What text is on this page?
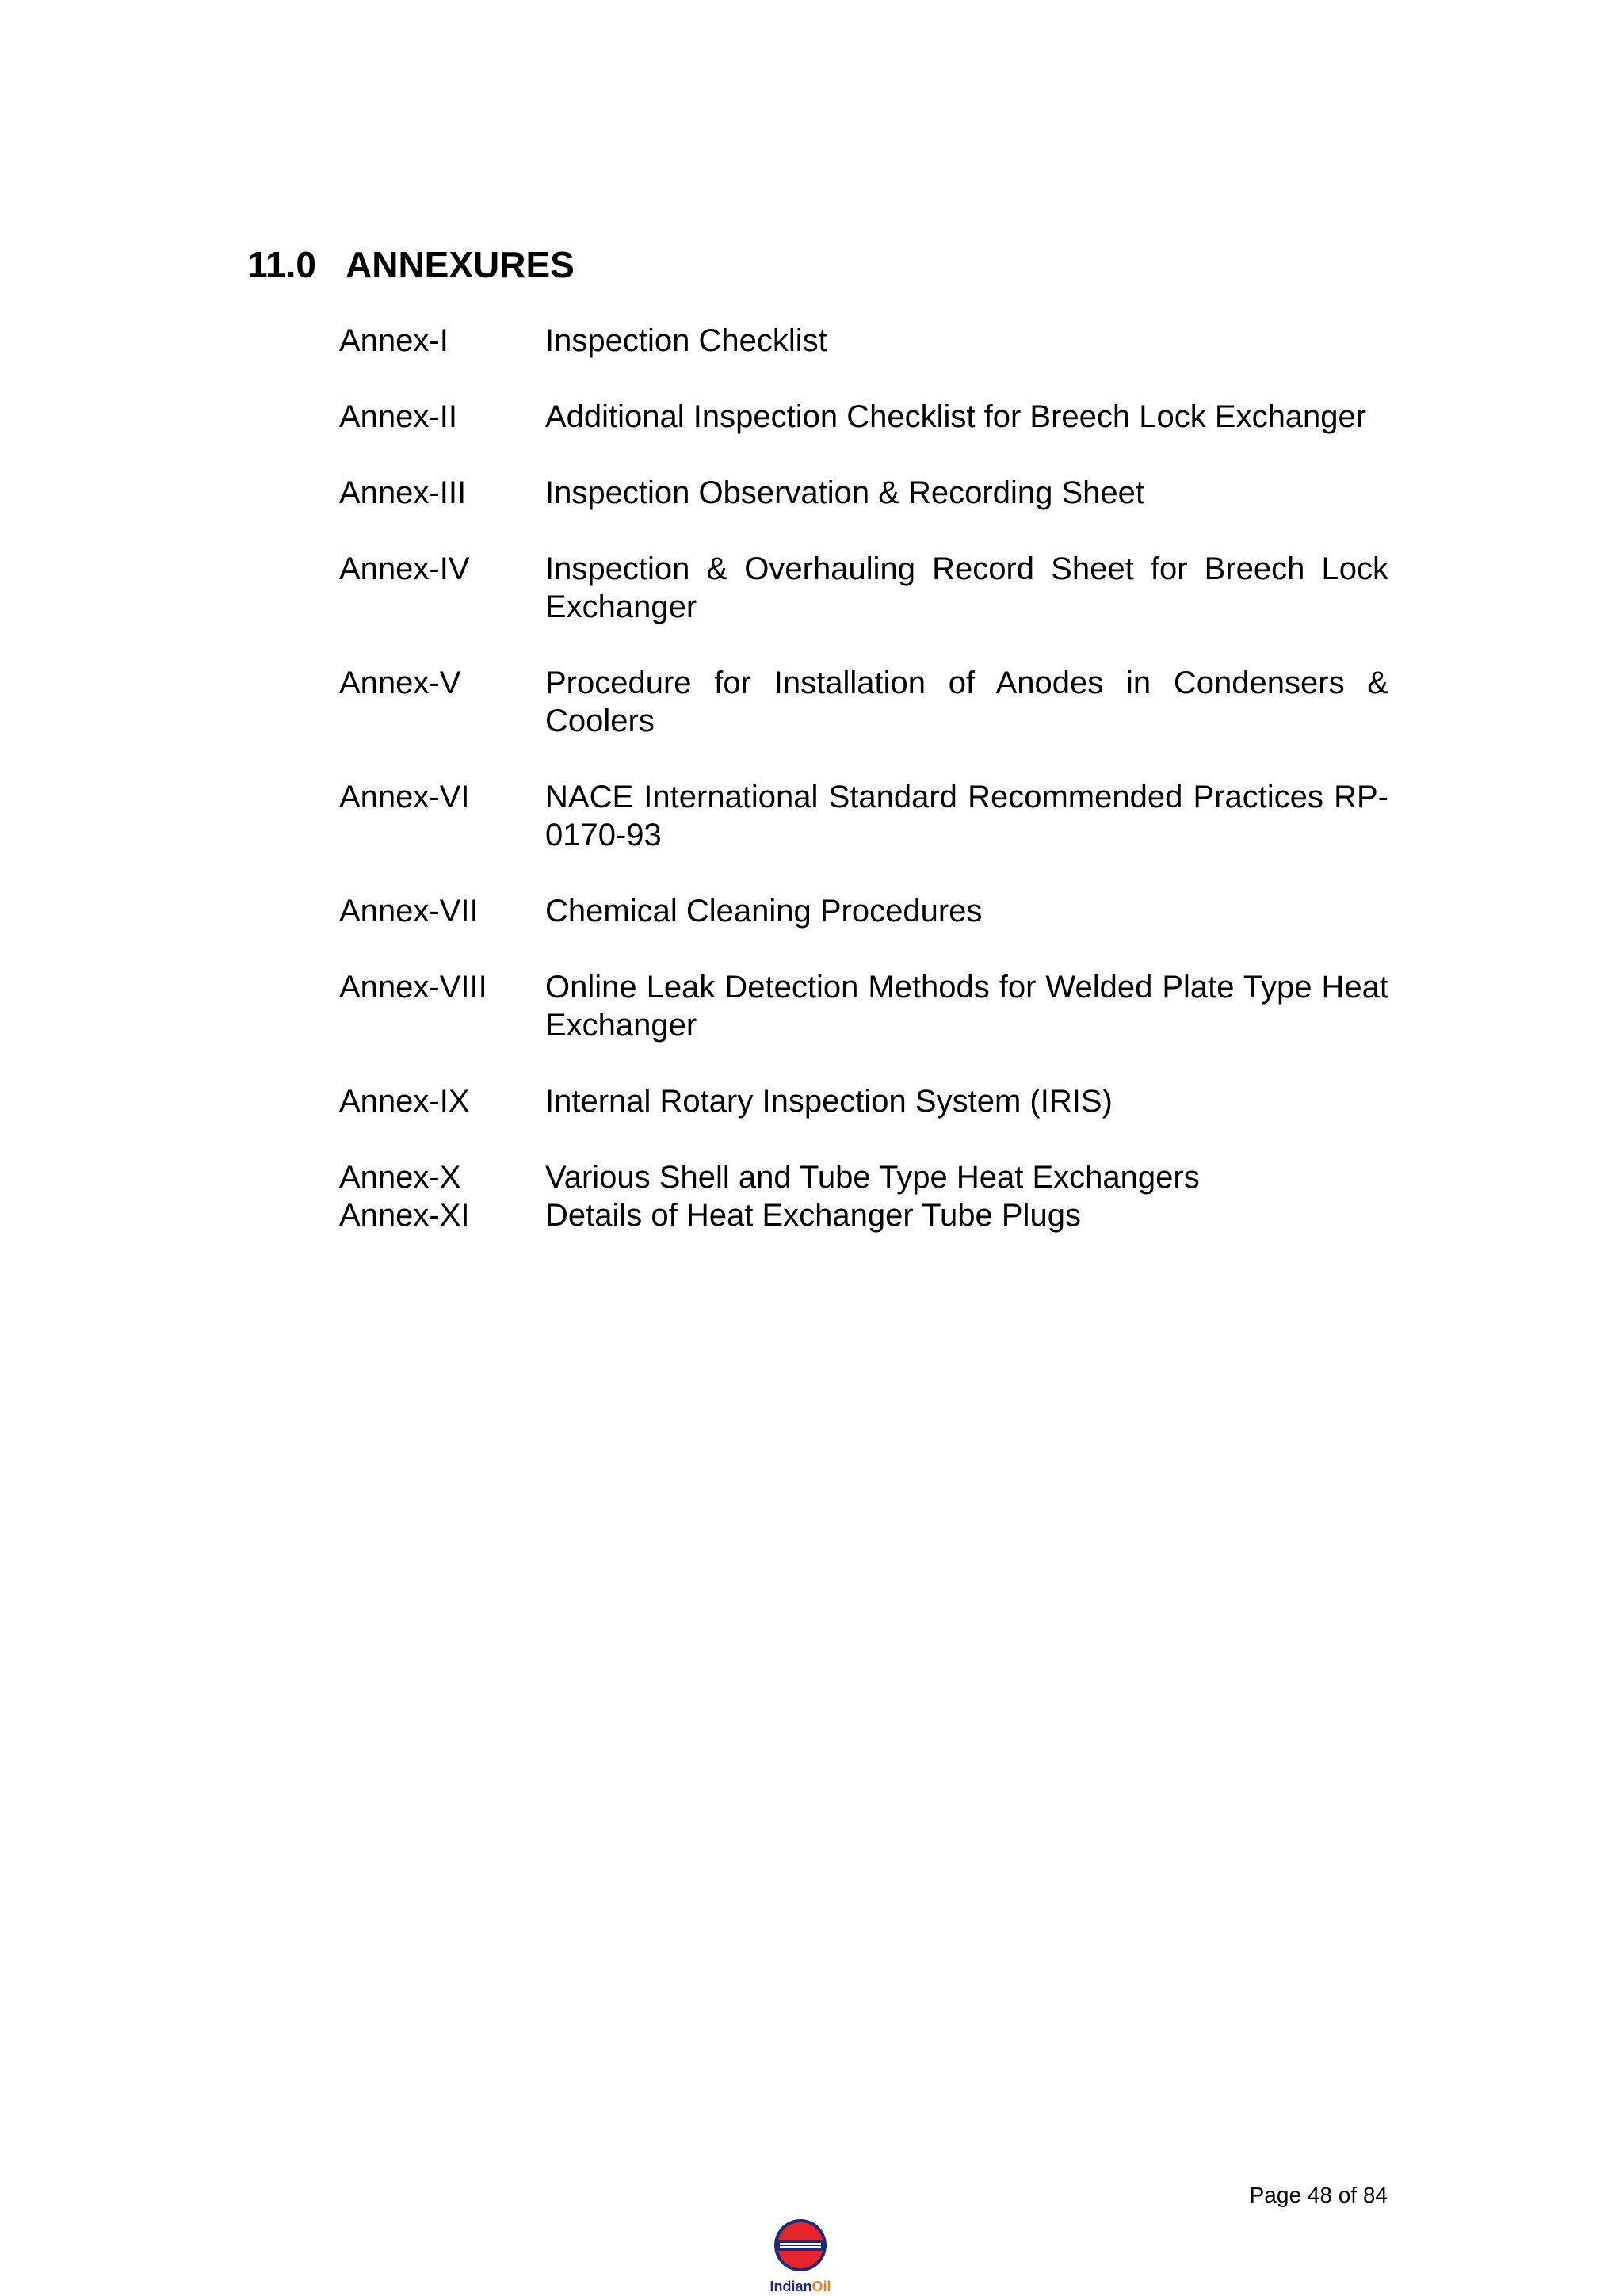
11.0 ANNEXURES
Annex-I	Inspection Checklist
Annex-II	Additional Inspection Checklist for Breech Lock Exchanger
Annex-III	Inspection Observation & Recording Sheet
Annex-IV	Inspection & Overhauling Record Sheet for Breech Lock Exchanger
Annex-V	Procedure for Installation of Anodes in Condensers & Coolers
Annex-VI	NACE International Standard Recommended Practices RP-0170-93
Annex-VII	Chemical Cleaning Procedures
Annex-VIII	Online Leak Detection Methods for Welded Plate Type Heat Exchanger
Annex-IX	Internal Rotary Inspection System (IRIS)
Annex-X	Various Shell and Tube Type Heat Exchangers
Annex-XI	Details of Heat Exchanger Tube Plugs
Page 48 of 84
IndianOil
